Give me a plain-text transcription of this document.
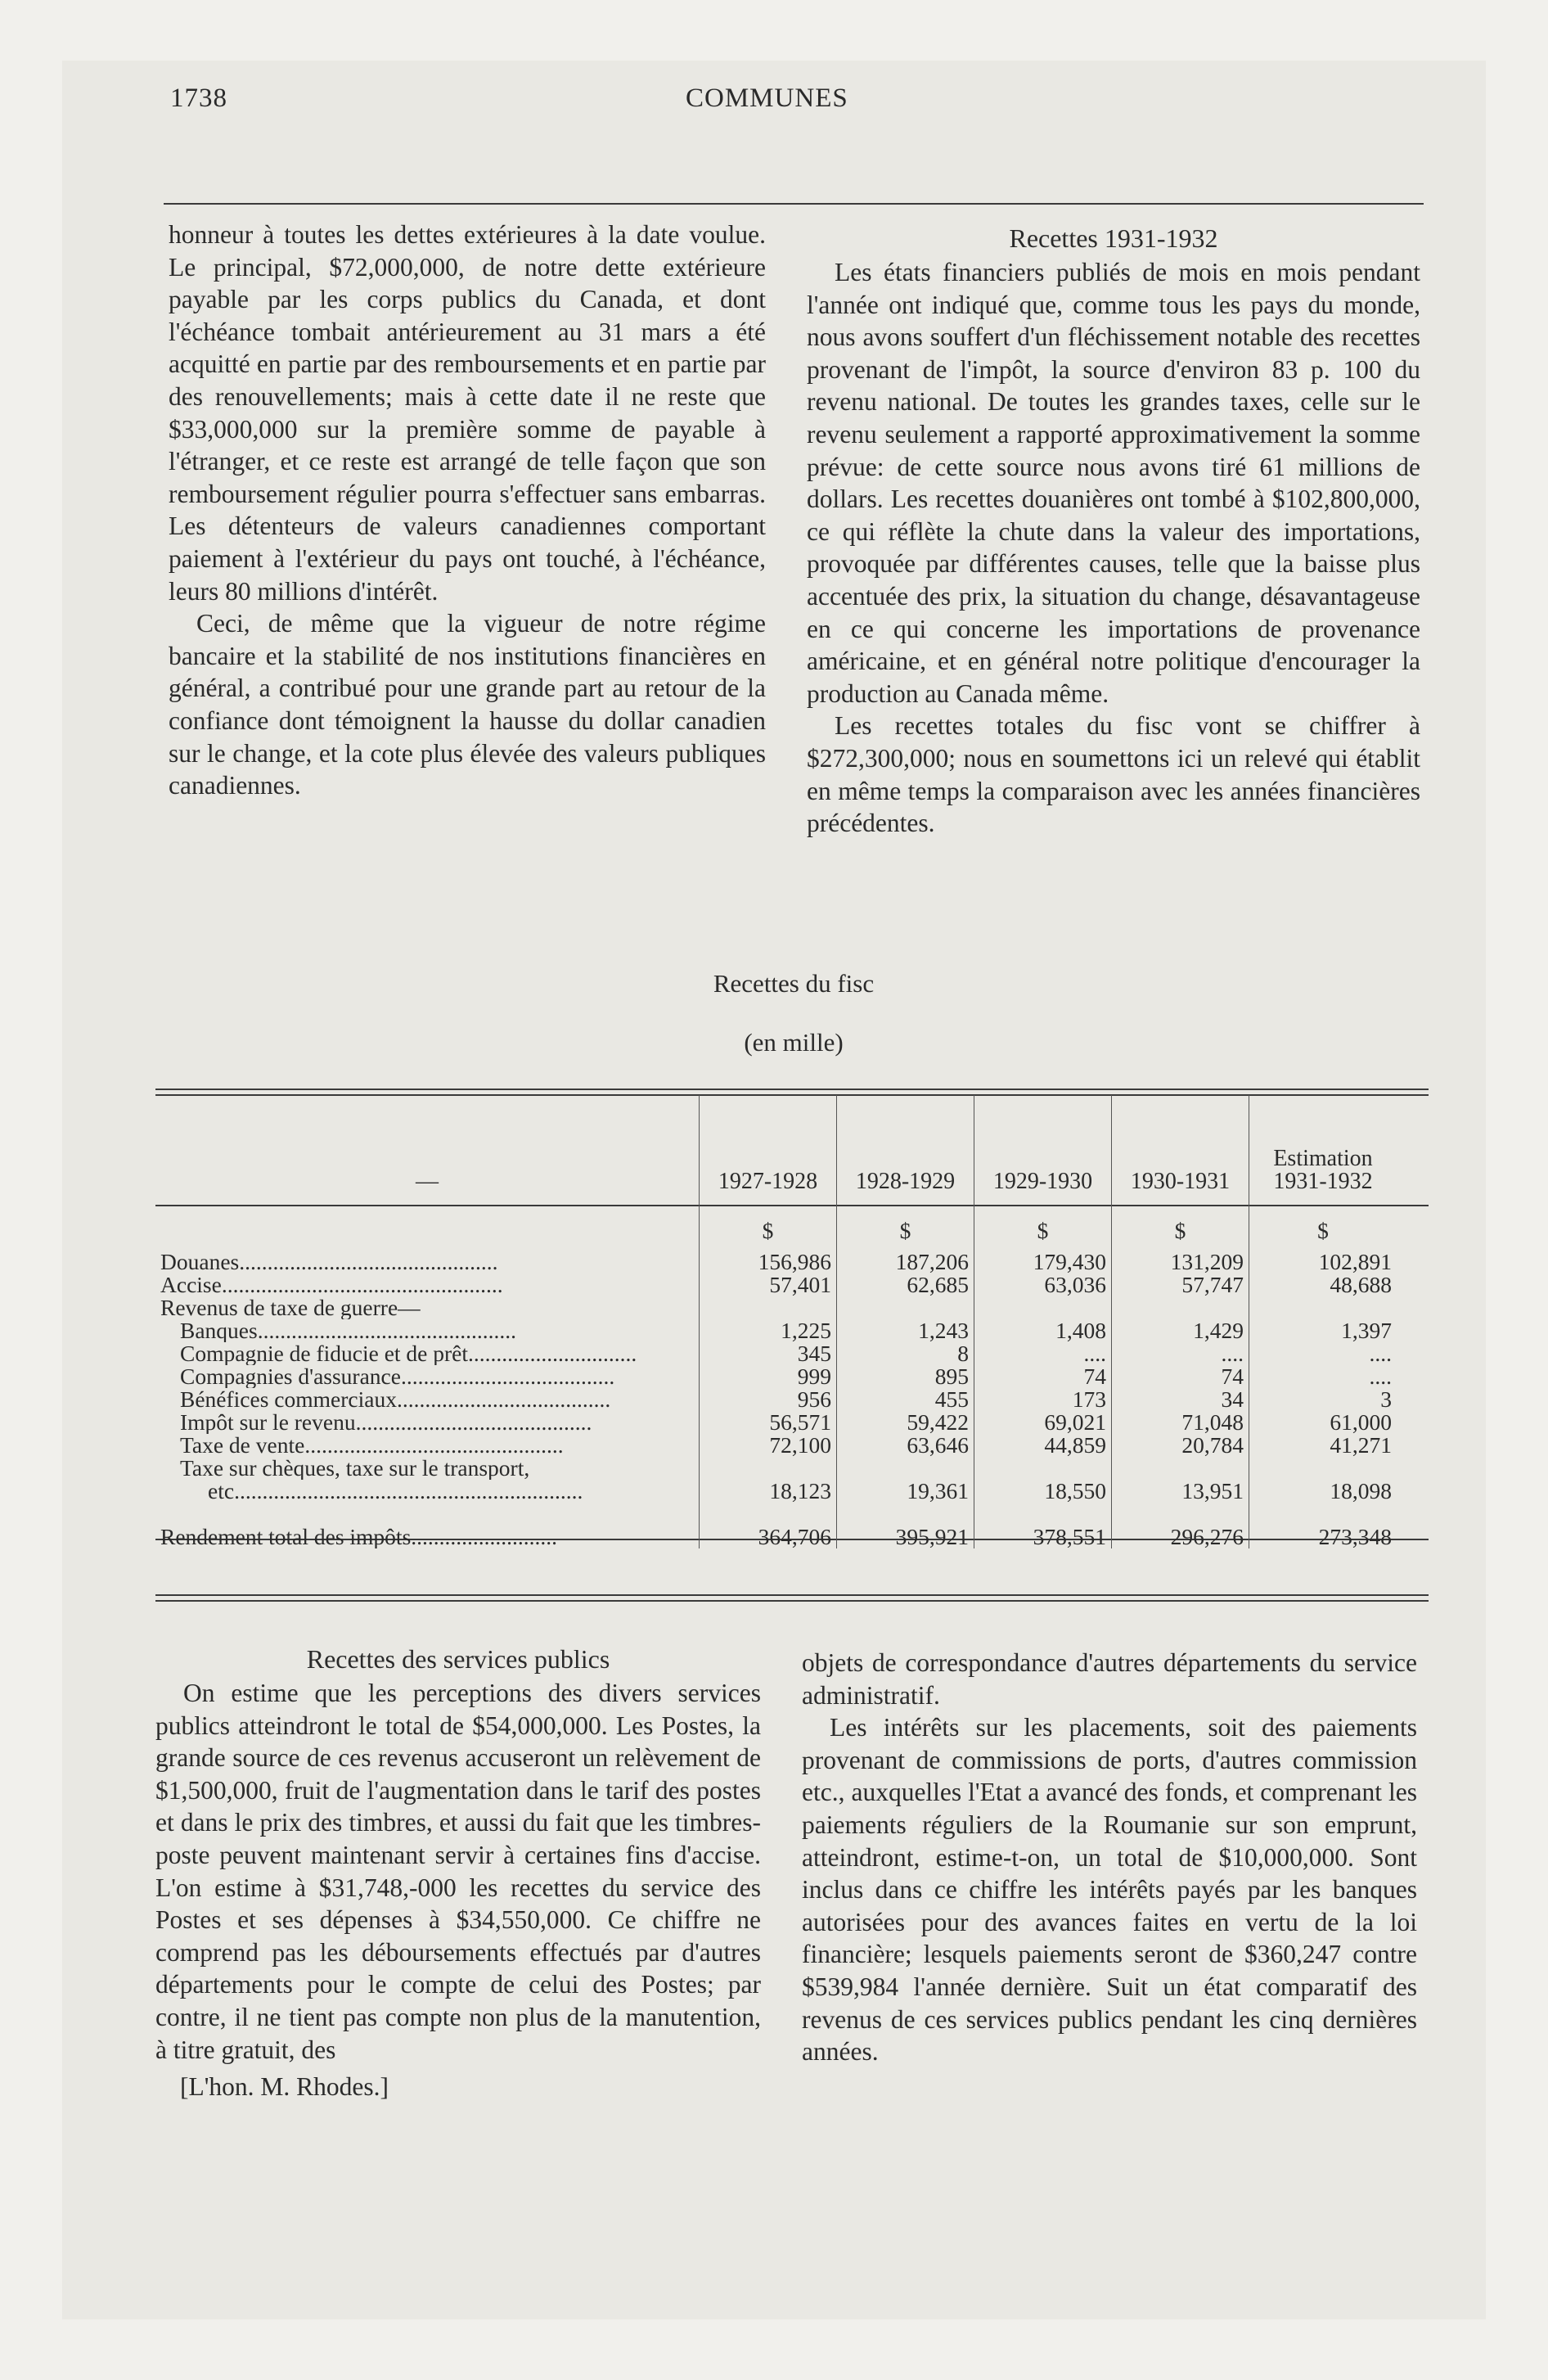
1738	COMMUNES

honneur à toutes les dettes extérieures à la date voulue. Le principal, $72,000,000, de notre dette extérieure payable par les corps publics du Canada, et dont l'échéance tombait antérieurement au 31 mars a été acquitté en partie par des remboursements et en partie par des renouvellements; mais à cette date il ne reste que $33,000,000 sur la première somme de payable à l'étranger, et ce reste est arrangé de telle façon que son remboursement régulier pourra s'effectuer sans embarras. Les détenteurs de valeurs canadiennes comportant paiement à l'extérieur du pays ont touché, à l'échéance, leurs 80 millions d'intérêt.

Ceci, de même que la vigueur de notre régime bancaire et la stabilité de nos institutions financières en général, a contribué pour une grande part au retour de la confiance dont témoignent la hausse du dollar canadien sur le change, et la cote plus élevée des valeurs publiques canadiennes.

Recettes 1931-1932

Les états financiers publiés de mois en mois pendant l'année ont indiqué que, comme tous les pays du monde, nous avons souffert d'un fléchissement notable des recettes provenant de l'impôt, la source d'environ 83 p. 100 du revenu national. De toutes les grandes taxes, celle sur le revenu seulement a rapporté approximativement la somme prévue: de cette source nous avons tiré 61 millions de dollars. Les recettes douanières ont tombé à $102,800,000, ce qui réflète la chute dans la valeur des importations, provoquée par différentes causes, telle que la baisse plus accentuée des prix, la situation du change, désavantageuse en ce qui concerne les importations de provenance américaine, et en général notre politique d'encourager la production au Canada même.

Les recettes totales du fisc vont se chiffrer à $272,300,000; nous en soumettons ici un relevé qui établit en même temps la comparaison avec les années financières précédentes.

Recettes du fisc
(en mille)
—	1927-1928	1928-1929	1929-1930	1930-1931	Estimation 1931-1932
	$	$	$	$	$

Douanes..............................................	156,986	187,206	179,430	131,209	102,891
Accise..................................................	57,401	62,685	63,036	57,747	48,688
Revenus de taxe de guerre—					
Banques..............................................	1,225	1,243	1,408	1,429	1,397
Compagnie de fiducie et de prêt..............................	345	8	....	....	....
Compagnies d'assurance......................................	999	895	74	74	....
Bénéfices commerciaux......................................	956	455	173	34	3
Impôt sur le revenu..........................................	56,571	59,422	69,021	71,048	61,000
Taxe de vente..............................................	72,100	63,646	44,859	20,784	41,271
Taxe sur chèques, taxe sur le transport,					
etc..............................................................	18,123	19,361	18,550	13,951	18,098
Rendement total des impôts..........................	364,706	395,921	378,551	296,276	273,348
Recettes des services publics

On estime que les perceptions des divers services publics atteindront le total de $54,000,000. Les Postes, la grande source de ces revenus accuseront un relèvement de $1,500,000, fruit de l'augmentation dans le tarif des postes et dans le prix des timbres, et aussi du fait que les timbres-poste peuvent maintenant servir à certaines fins d'accise. L'on estime à $31,748,-000 les recettes du service des Postes et ses dépenses à $34,550,000. Ce chiffre ne comprend pas les déboursements effectués par d'autres départements pour le compte de celui des Postes; par contre, il ne tient pas compte non plus de la manutention, à titre gratuit, des

[L'hon. M. Rhodes.]

objets de correspondance d'autres départements du service administratif.

Les intérêts sur les placements, soit des paiements provenant de commissions de ports, d'autres commission etc., auxquelles l'Etat a avancé des fonds, et comprenant les paiements réguliers de la Roumanie sur son emprunt, atteindront, estime-t-on, un total de $10,000,000. Sont inclus dans ce chiffre les intérêts payés par les banques autorisées pour des avances faites en vertu de la loi financière; lesquels paiements seront de $360,247 contre $539,984 l'année dernière. Suit un état comparatif des revenus de ces services publics pendant les cinq dernières années.
